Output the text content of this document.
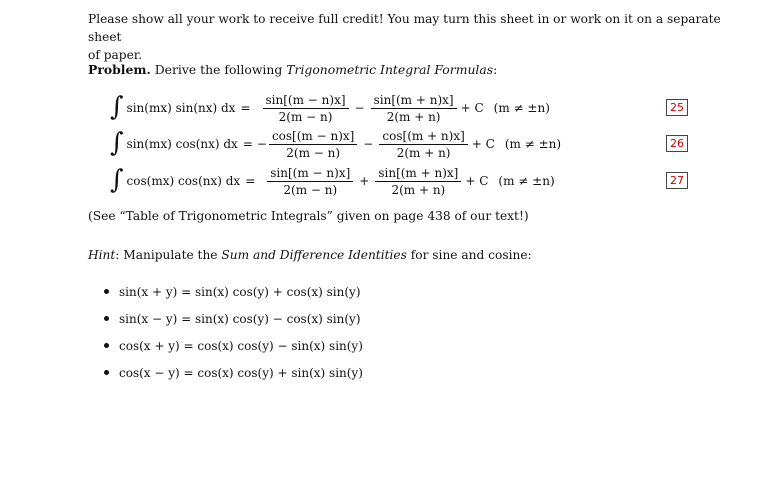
Please show all your work to receive full credit! You may turn this sheet in or work on it on a separate sheet
of paper.
Problem. Derive the following Trigonometric Integral Formulas:
∫ sin(mx) sin(nx) dx = $\frac{\sin[(m - n)x]}{2(m - n)} - \frac{\sin[(m + n)x]}{2(m + n)} + C$ (m ≠ ±n)	25
∫ sin(mx) cos(nx) dx = − $\frac{\cos[(m - n)x]}{2(m - n)} - \frac{\cos[(m + n)x]}{2(m + n)} + C$ (m ≠ ±n)	26
∫ cos(mx) cos(nx) dx = $\frac{\sin[(m - n)x]}{2(m - n)} + \frac{\sin[(m + n)x]}{2(m + n)} + C$ (m ≠ ±n)	27
(See “Table of Trigonometric Integrals” given on page 438 of our text!)
Hint: Manipulate the Sum and Difference Identities for sine and cosine:
sin(x + y) = sin(x) cos(y) + cos(x) sin(y)
sin(x − y) = sin(x) cos(y) − cos(x) sin(y)
cos(x + y) = cos(x) cos(y) − sin(x) sin(y)
cos(x − y) = cos(x) cos(y) + sin(x) sin(y)
